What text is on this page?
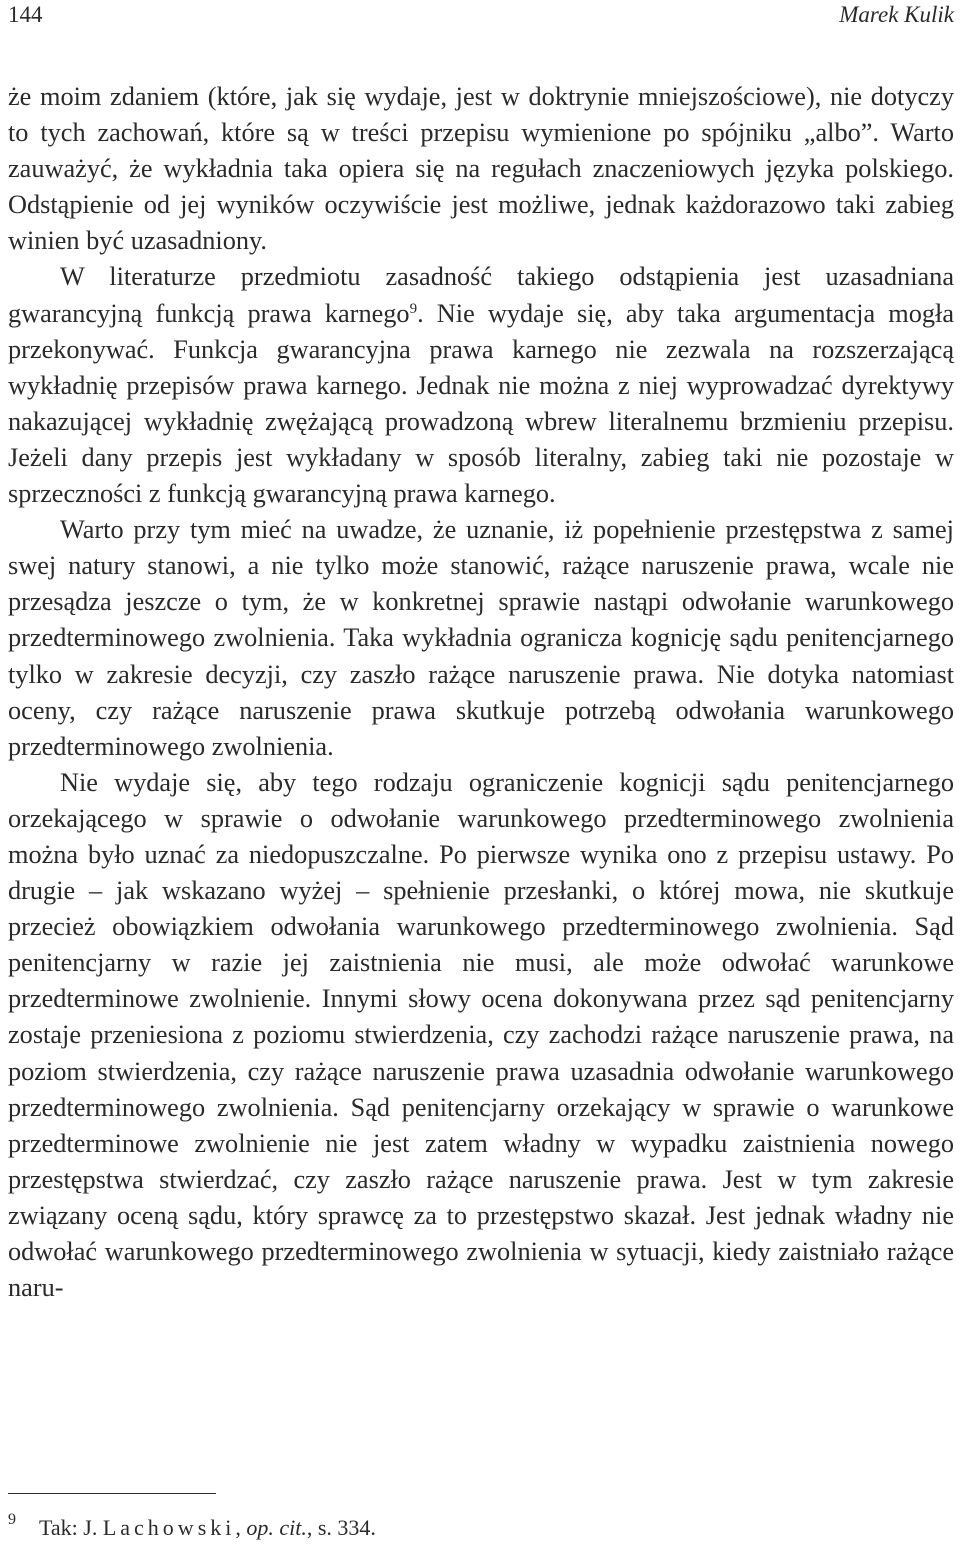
144	Marek Kulik

że moim zdaniem (które, jak się wydaje, jest w doktrynie mniejszościowe), nie dotyczy to tych zachowań, które są w treści przepisu wymienione po spójniku „albo”. Warto zauważyć, że wykładnia taka opiera się na regułach znaczeniowych języka polskiego. Odstąpienie od jej wyników oczywiście jest możliwe, jednak każdorazowo taki zabieg winien być uzasadniony.

W literaturze przedmiotu zasadność takiego odstąpienia jest uzasadniana gwarancyjną funkcją prawa karnego$^9$. Nie wydaje się, aby taka argumentacja mogła przekonywać. Funkcja gwarancyjna prawa karnego nie zezwala na rozszerzającą wykładnię przepisów prawa karnego. Jednak nie można z niej wyprowadzać dyrektywy nakazującej wykładnię zwężającą prowadzoną wbrew literalnemu brzmieniu przepisu. Jeżeli dany przepis jest wykładany w sposób literalny, zabieg taki nie pozostaje w sprzeczności z funkcją gwarancyjną prawa karnego.

Warto przy tym mieć na uwadze, że uznanie, iż popełnienie przestępstwa z samej swej natury stanowi, a nie tylko może stanowić, rażące naruszenie prawa, wcale nie przesądza jeszcze o tym, że w konkretnej sprawie nastąpi odwołanie warunkowego przedterminowego zwolnienia. Taka wykładnia ogranicza kognicję sądu penitencjarnego tylko w zakresie decyzji, czy zaszło rażące naruszenie prawa. Nie dotyka natomiast oceny, czy rażące naruszenie prawa skutkuje potrzebą odwołania warunkowego przedterminowego zwolnienia.

Nie wydaje się, aby tego rodzaju ograniczenie kognicji sądu penitencjarnego orzekającego w sprawie o odwołanie warunkowego przedterminowego zwolnienia można było uznać za niedopuszczalne. Po pierwsze wynika ono z przepisu ustawy. Po drugie – jak wskazano wyżej – spełnienie przesłanki, o której mowa, nie skutkuje przecież obowiązkiem odwołania warunkowego przedterminowego zwolnienia. Sąd penitencjarny w razie jej zaistnienia nie musi, ale może odwołać warunkowe przedterminowe zwolnienie. Innymi słowy ocena dokonywana przez sąd penitencjarny zostaje przeniesiona z poziomu stwierdzenia, czy zachodzi rażące naruszenie prawa, na poziom stwierdzenia, czy rażące naruszenie prawa uzasadnia odwołanie warunkowego przedterminowego zwolnienia. Sąd penitencjarny orzekający w sprawie o warunkowe przedterminowe zwolnienie nie jest zatem władny w wypadku zaistnienia nowego przestępstwa stwierdzać, czy zaszło rażące naruszenie prawa. Jest w tym zakresie związany oceną sądu, który sprawcę za to przestępstwo skazał. Jest jednak władny nie odwołać warunkowego przedterminowego zwolnienia w sytuacji, kiedy zaistniało rażące naru-

9 Tak: J. Lachowski, op. cit., s. 334.
